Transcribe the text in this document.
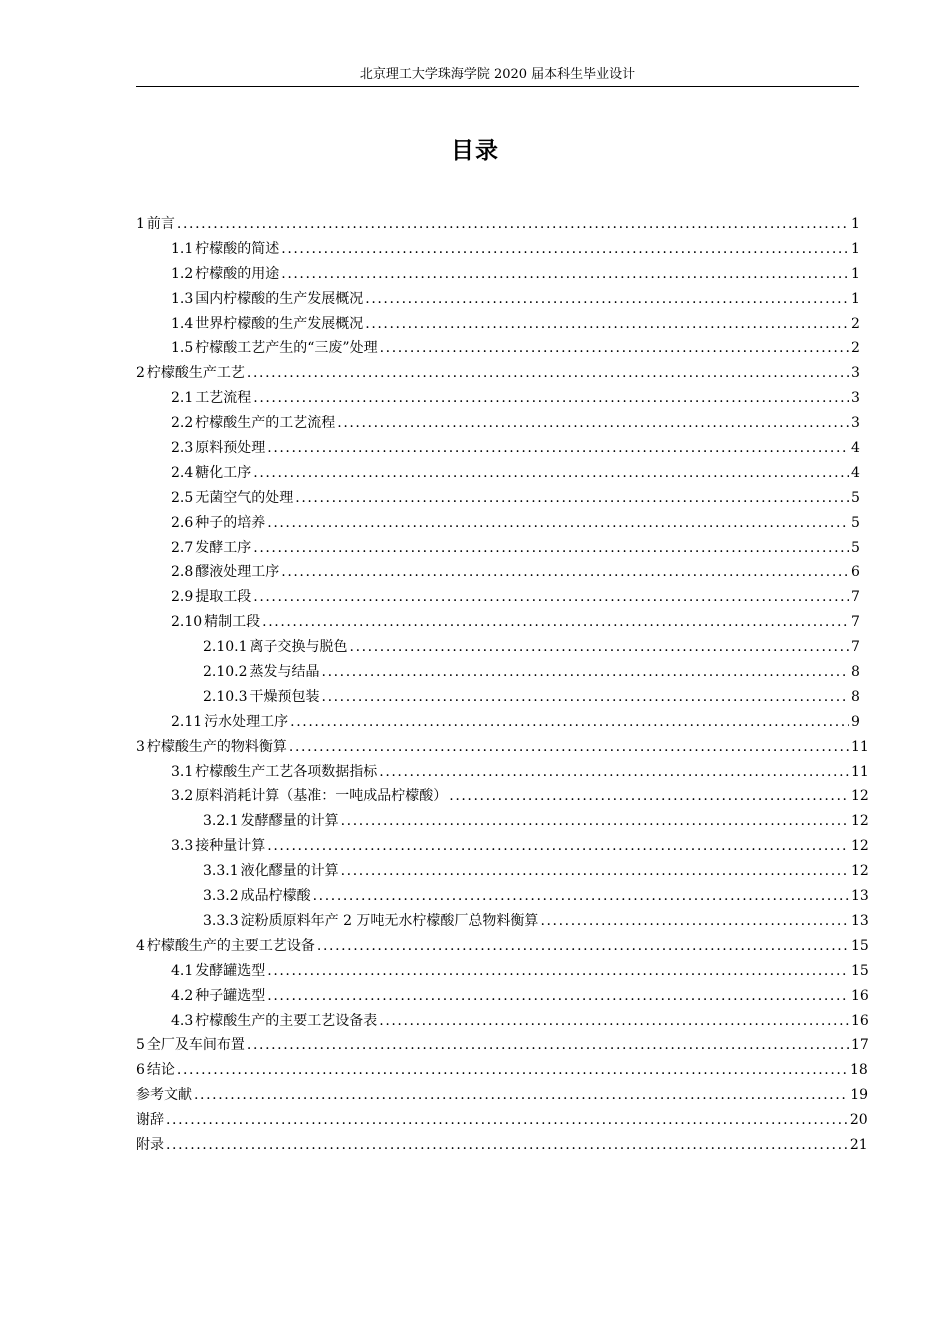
北京理工大学珠海学院 2020 届本科生毕业设计
目录
1 前言 .....	1
1.1 柠檬酸的简述 .....	1
1.2 柠檬酸的用途 .....	1
1.3 国内柠檬酸的生产发展概况 .....	1
1.4 世界柠檬酸的生产发展概况 .....	2
1.5 柠檬酸工艺产生的“三废”处理 .....	2
2 柠檬酸生产工艺 .....	3
2.1 工艺流程 .....	3
2.2 柠檬酸生产的工艺流程 .....	3
2.3 原料预处理 .....	4
2.4 糖化工序 .....	4
2.5 无菌空气的处理 .....	5
2.6 种子的培养 .....	5
2.7 发酵工序 .....	5
2.8 醪液处理工序 .....	6
2.9 提取工段 .....	7
2.10 精制工段 .....	7
2.10.1 离子交换与脱色 .....	7
2.10.2 蒸发与结晶 .....	8
2.10.3 干燥预包装 .....	8
2.11 污水处理工序 .....	9
3 柠檬酸生产的物料衡算 .....	11
3.1 柠檬酸生产工艺各项数据指标 .....	11
3.2 原料消耗计算（基准：一吨成品柠檬酸） .....	12
3.2.1 发酵醪量的计算 .....	12
3.3 接种量计算 .....	12
3.3.1 液化醪量的计算 .....	12
3.3.2 成品柠檬酸 .....	13
3.3.3 淀粉质原料年产 2 万吨无水柠檬酸厂总物料衡算 .....	13
4 柠檬酸生产的主要工艺设备 .....	15
4.1 发酵罐选型 .....	15
4.2 种子罐选型 .....	16
4.3 柠檬酸生产的主要工艺设备表 .....	16
5 全厂及车间布置 .....	17
6 结论 .....	18
参考文献 .....	19
谢辞 .....	20
附录 .....	21
